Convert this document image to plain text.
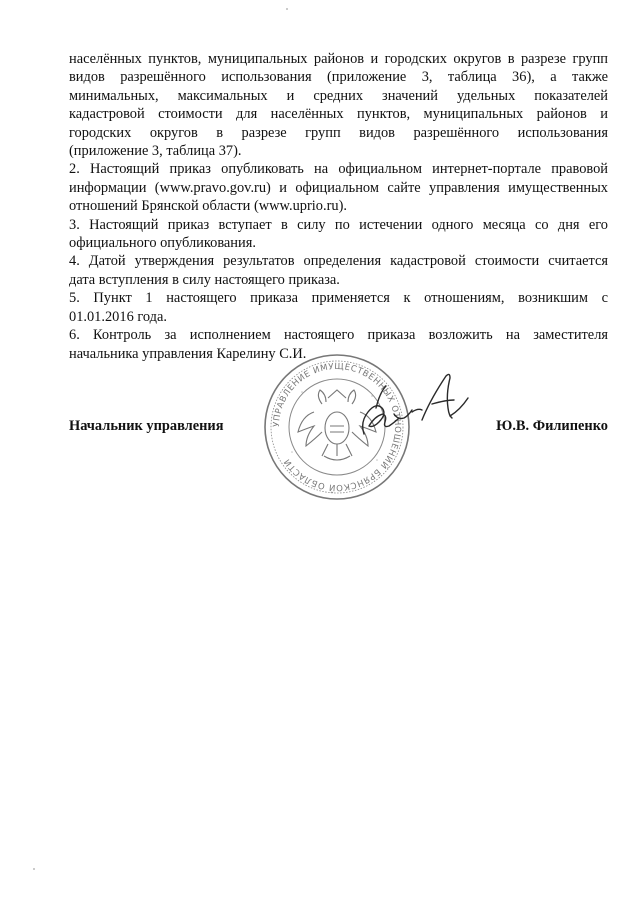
населённых пунктов, муниципальных районов и городских округов в разрезе групп
видов разрешённого использования (приложение 3, таблица 36), а также
минимальных, максимальных и средних значений удельных показателей
кадастровой стоимости для населённых пунктов, муниципальных районов и
городских округов в разрезе групп видов разрешённого использования
(приложение 3, таблица 37).
2. Настоящий приказ опубликовать на официальном интернет-портале правовой
информации (www.pravo.gov.ru) и официальном сайте управления имущественных
отношений Брянской области (www.uprio.ru).
3. Настоящий приказ вступает в силу по истечении одного месяца со дня его
официального опубликования.
4. Датой утверждения результатов определения кадастровой стоимости считается
дата вступления в силу настоящего приказа.
5. Пункт 1 настоящего приказа применяется к отношениям, возникшим с
01.01.2016 года.
6. Контроль за исполнением настоящего приказа возложить на заместителя
начальника управления Карелину С.И.
УПРАВЛЕНИЕ ИМУЩЕСТВЕННЫХ ОТНОШЕНИЙ БРЯНСКОЙ ОБЛАСТИ
Начальник управления	Ю.В. Филипенко
